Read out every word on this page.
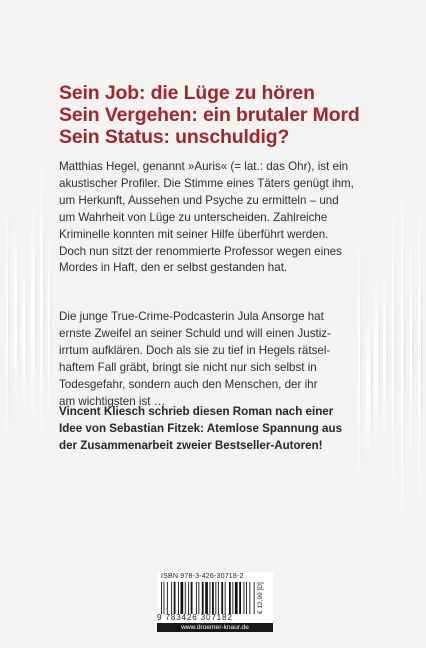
Sein Job: die Lüge zu hören
Sein Vergehen: ein brutaler Mord
Sein Status: unschuldig?
Matthias Hegel, genannt »Auris« (= lat.: das Ohr), ist ein
akustischer Profiler. Die Stimme eines Täters genügt ihm,
um Herkunft, Aussehen und Psyche zu ermitteln – und
um Wahrheit von Lüge zu unterscheiden. Zahlreiche
Kriminelle konnten mit seiner Hilfe überführt werden.
Doch nun sitzt der renommierte Professor wegen eines
Mordes in Haft, den er selbst gestanden hat.
Die junge True-Crime-Podcasterin Jula Ansorge hat
ernste Zweifel an seiner Schuld und will einen Justiz-
irrtum aufklären. Doch als sie zu tief in Hegels rätsel-
haftem Fall gräbt, bringt sie nicht nur sich selbst in
Todesgefahr, sondern auch den Menschen, der ihr
am wichtigsten ist …
Vincent Kliesch schrieb diesen Roman nach einer
Idee von Sebastian Fitzek: Atemlose Spannung aus
der Zusammenarbeit zweier Bestseller-Autoren!
ISBN 978-3-426-30718-2
9 783426 307182
€ 12,99 [D]
www.droemer-knaur.de
